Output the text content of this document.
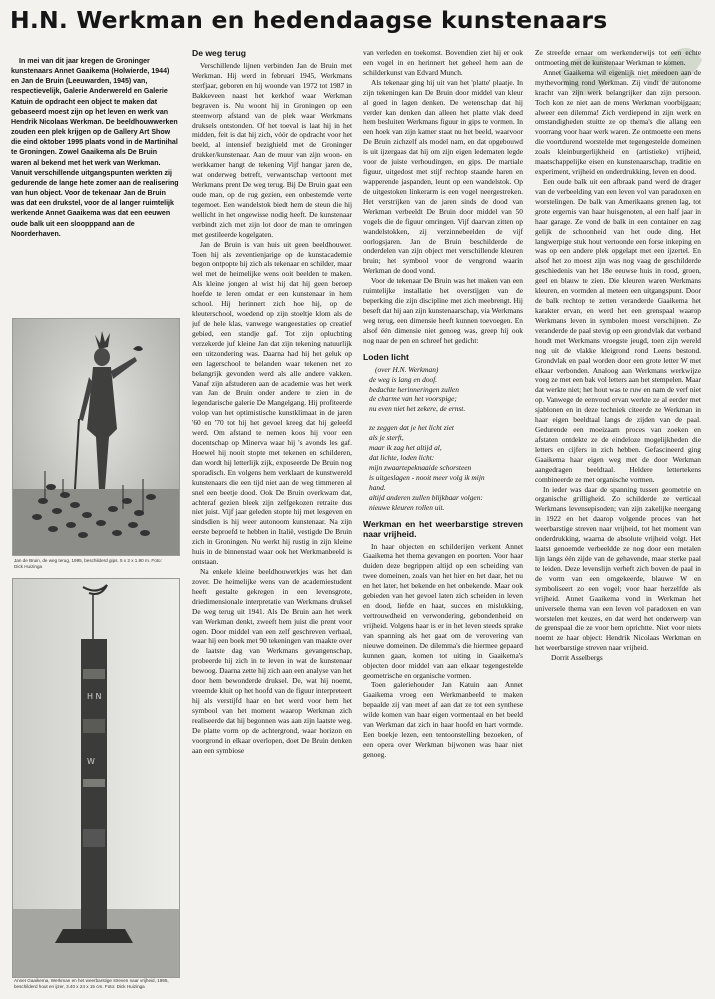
H.N. Werkman en hedendaagse kunstenaars

In mei van dit jaar kregen de Groninger kunstenaars Annet Gaaikema (Holwierde, 1944) en Jan de Bruin (Leeuwarden, 1945) van, respectievelijk, Galerie Anderwereld en Galerie Katuin de opdracht een object te maken dat gebaseerd moest zijn op het leven en werk van Hendrik Nicolaas Werkman. De beeldhouwwerken zouden een plek krijgen op de Gallery Art Show die eind oktober 1995 plaats vond in de Martinihal te Groningen. Zowel Gaaikema als De Bruin waren al bekend met het werk van Werkman. Vanuit verschillende uitgangspunten werkten zij gedurende de lange hete zomer aan de realisering van hun object. Voor de tekenaar Jan de Bruin was dat een drukstel, voor de al langer ruimtelijk werkende Annet Gaaikema was dat een eeuwen oude balk uit een sloopppand aan de Noorderhaven.

Jan de Bruin, de weg terug, 1995, beschilderd gips. 5 x 2 x 1.90 m. Foto: Dick Huizinga

H N
W

Annet Gaaikema, Werkman en het weerbarstige streven naar vrijheid, 1995, beschilderd hout en ijzer, 3.40 x 24 x 15 cm. Foto: Dick Huizinga

De weg terug

Verschillende lijnen verbinden Jan de Bruin met Werkman. Hij werd in februari 1945, Werkmans sterfjaar, geboren en hij woonde van 1972 tot 1987 in Bakkeveen naast het kerkhof waar Werkman begraven is. Nu woont hij in Groningen op een steenworp afstand van de plek waar Werkmans druksels ontstonden. Of het toeval is laat hij in het midden, feit is dat hij zich, vóór de opdracht voor het beeld, al intensief bezighield met de Groninger drukker/kunstenaar. Aan de muur van zijn woon- en werkkamer hangt de tekening Vijf hangar jaren de, wat onderweg betreft, verwantschap vertoont met Werkmans prent De weg terug. Bij De Bruin gaat een oude man, op de rug gezien, een onbestemde verte tegemoet. Een wandelstok biedt hem de steun die hij wellicht in het ongewisse nodig heeft. De kunstenaar verbindt zich met zijn lot door de man te omringen met gestileerde kogelgaten.

Jan de Bruin is van huis uit geen beeldhouwer. Toen hij als zeventienjarige op de kunstacademie begon ontpopte hij zich als tekenaar en schilder, maar wel met de heimelijke wens ooit beelden te maken. Als kleine jongen al wist hij dat hij geen beroep hoefde te leren omdat er een kunstenaar in hem school. Hij herinnert zich hoe hij, op de kleuterschool, woedend op zijn stoeltje klom als de juf de hele klas, vanwege wangeestaties op creatief gebied, een standje gaf. Tot zijn opluchting verzekerde juf kleine Jan dat zijn tekening natuurlijk een uitzondering was. Daarna had hij het geluk op een lagerschool te belanden waar tekenen net zo belangrijk gevonden werd als alle andere vakken. Vanaf zijn afstuderen aan de academie was het werk van Jan de Bruin onder andere te zien in de legendarische galerie De Mangelgang. Hij profiteerde volop van het optimistische kunstklimaat in de jaren '60 en '70 tot hij het gevoel kreeg dat hij geleefd werd. Om afstand te nemen koos hij voor een docentschap op Minerva waar hij 's avonds les gaf. Hoewel hij nooit stopte met tekenen en schilderen, dan wordt hij letterlijk zijk, exposeerde De Bruin nog sporadisch. En volgens hem verklaart de kunstwereld kunstenaars die een tijd niet aan de weg timmeren al snel een beetje dood. Ook De Bruin overkwam dat, achteraf gezien bleek zijn zelfgekozen retraite dus niet juist. Vijf jaar geleden stopte hij met lesgeven en sindsdien is hij weer autonoom kunstenaar. Na zijn eerste beproefd te hebben in Italië, vestigde De Bruin zich in Groningen. Nu werkt hij rustig in zijn kleine huis in de binnenstad waar ook het Werkmanbeeld is ontstaan.

Na enkele kleine beeldhouwerkjes was het dan zover. De heimelijke wens van de academiestudent heeft gestalte gekregen in een levensgrote, driedimensionale interpretatie van Werkmans druksel De weg terug uit 1941. Als De Bruin aan het werk van Werkman denkt, zweeft hem juist die prent voor ogen. Door middel van een zelf geschreven verhaal, waar hij een boek met 90 tekeningen van maakte over de laatste dag van Werkmans gevangenschap, probeerde hij zich in te leven in wat de kunstenaar bewoog. Daarna zette hij zich aan een analyse van het door hem bewonderde druksel. De, wat hij noemt, vreemde kluit op het hoofd van de figuur interpreteert hij als verstijfd haar en het werd voor hem het symbool van het moment waarop Werkman zich realiseerde dat hij begonnen was aan zijn laatste weg. De platte vorm op de achtergrond, waar horizon en voorgrond in elkaar overlopen, doet De Bruin denken aan een symbiose

van verleden en toekomst. Bovendien ziet hij er ook een vogel in en herinnert het geheel hem aan de schilderkunst van Edvard Munch.

Als tekenaar ging hij uit van het 'platte' plaatje. In zijn tekeningen kan De Bruin door middel van kleur al goed in lagen denken. De wetenschap dat hij verder kan denken dan alleen het platte vlak deed hem besluiten Werkmans figuur in gips te vormen. In een hoek van zijn kamer staat nu het beeld, waarvoor De Bruin zichzelf als model nam, en dat opgebouwd is uit ijzergaas dat hij om zijn eigen ledematen legde voor de juiste verhoudingen, en gips. De martiale figuur, uitgedost met stijf rechtop staande haren en wapperende jaspanden, leunt op een wandelstok. Op de uitgestoken linkerarm is een vogel neergestreken. Het verstrijken van de jaren sinds de dood van Werkman verbeeldt De Bruin door middel van 50 vogels die de figuur omringen. Vijf daarvan zitten op wandelstokken, zij verzinnebeelden de vijf oorlogsjaren. Jan de Bruin beschilderde de onderdelen van zijn object met verschillende kleuren bruin; het symbool voor de vengrond waarin Werkman de dood vond.

Voor de tekenaar De Bruin was het maken van een ruimtelijke installatie het overstijgen van de beperking die zijn discipline met zich meebrengt. Hij beseft dat hij aan zijn kunstenaarschap, via Werkmans weg terug, een dimensie heeft kunnen toevoegen. En alsof één dimensie niet genoeg was, greep hij ook nog naar de pen en schreef het gedicht:

Loden licht

(over H.N. Werkman)

de weg is lang en doof.
bedachte herinneringen zullen
de charme van het voorspige;
nu even niet het zekere, de ernst.
ze zeggen dat je het licht ziet
als je sterft,
maar ik zag het altijd al,
dat lichte, loden licht:
mijn zwaartepeknaaide schorsteen
is uitgeslagen - nooit meer volg ik mijn
hand.
altijd anderen zullen blijkbaar volgen:
nieuwe kleuren rollen uit.
Werkman en het weerbarstige streven naar vrijheid.

In haar objecten en schilderijen verkent Annet Gaaikema het thema gevangen en poorten. Voor haar duiden deze begrippen altijd op een scheiding van twee domeinen, zoals van het hier en het daar, het nu en het later, het bekende en het onbekende. Maar ook gebieden van het gevoel laten zich scheiden in leven en dood, liefde en haat, succes en mislukking, vertrouwdheid en verwondering, gebondenheid en vrijheid. Volgens haar is er in het leven steeds sprake van spanning als het gaat om de verovering van nieuwe domeinen. De dilemma's die hiermee gepaard kunnen gaan, komen tot uiting in Gaaikema's objecten door middel van aan elkaar tegengestelde geometrische en organische vormen.

Toen galeriehouder Jan Katuin aan Annet Gaaikema vroeg een Werkmanbeeld te maken bepaalde zij van meet af aan dat ze tot een synthese wilde komen van haar eigen vormentaal en het beeld van Werkman dat zich in haar hoofd en hart vormde. Een boekje lezen, een tentoonstelling bezoeken, of een opera over Werkman bijwonen was haar niet genoeg.

Ze streefde ernaar om werkenderwijs tot een echte ontmoeting met de kunstenaar Werkman te komen.

Annet Gaaikema wil eigenlijk niet meedoen aan de mythevorming rond Werkman. Zij vindt de autonome kracht van zijn werk belangrijker dan zijn persoon. Toch kon ze niet aan de mens Werkman voorbijgaan; alweer een dilemma! Zich verdiepend in zijn werk en omstandigheden stuitte ze op thema's die allang een voorrang voor haar werk waren. Ze ontmoette een mens die voortdurend worstelde met tegengestelde domeinen zoals kleinburgerlijkheid en (artistieke) vrijheid, maatschappelijke eisen en kunstenaarschap, traditie en experiment, vrijheid en onderdrukking, leven en dood.

Een oude balk uit een afbraak pand werd de drager van de verbeelding van een leven vol van paradoxen en worstelingen. De balk van Amerikaans grenen lag, tot grote ergernis van haar huisgenoten, al een half jaar in haar garage. Ze vond de balk in een container en zag gelijk de schoonheid van het oude ding. Het langwerpige stuk hout vertoonde een forse inkeping en was op een andere plek opgelapt met een ijzertel. En alsof het zo moest zijn was nog vaag de geschilderde geschiedenis van het 18e eeuwse huis in rood, groen, geel en blauw te zien. Die kleuren waren Werkmans kleuren, en vormden al meteen een uitgangspunt. Door de balk rechtop te zetten veranderde Gaaikema het karakter ervan, en werd het een grenspaal waarop Werkmans leven in symbolen moest verschijnen. Ze veranderde de paal stevig op een grondvlak dat verband houdt met Werkmans vroegste jeugd, toen zijn wereld nog uit de vlakke kleigrond rond Leens bestond. Grondvlak en paal worden door een grote letter W met elkaar verbonden. Analoog aan Werkmans werkwijze voeg ze met een bak vol letters aan het stempelen. Maar dat werkte niet; het hout was te ruw en nam de verf niet op. Vanwege de eenvoud ervan werkte ze al eerder met sjablonen en in deze techniek citeerde ze Werkman in haar eigen beeldtaal langs de zijden van de paal. Gedurende een moeizaam proces van zoeken en afstaten ontdekte ze de eindeloze mogelijkheden die letters en cijfers in zich hebben. Gefascineerd ging Gaaikema haar eigen weg met de door Werkman aangedragen beeldtaal. Heldere lettertekens combineerde ze met organische vormen.

In ieder was daar de spanning tussen geometrie en organische grilligheid. Zo schilderde ze verticaal Werkmans levensepisoden; van zijn zakelijke neergang in 1922 en het daarop volgende proces van het weerbarstige streven naar vrijheid, tot het moment van onderdrukking, waarna de absolute vrijheid volgt. Het laatst genoemde verbeeldde ze nog door een metalen lijn langs één zijde van de gehavende, maar sterke paal te leiden. Deze levenslijn verheft zich boven de paal in de vorm van een omgekeerde, blauwe W en symboliseert zo een vogel; voor haar herzelfde als vrijheid. Annet Gaaikema vond in Werkman het universele thema van een leven vol paradoxen en van worstelen met keuzes, en dat werd het onderwerp van de grenspaal die ze voor hem oprichtte. Niet voor niets noemt ze haar object: Hendrik Nicolaas Werkman en het weerbarstige streven naar vrijheid.

Dorrit Asselbergs
